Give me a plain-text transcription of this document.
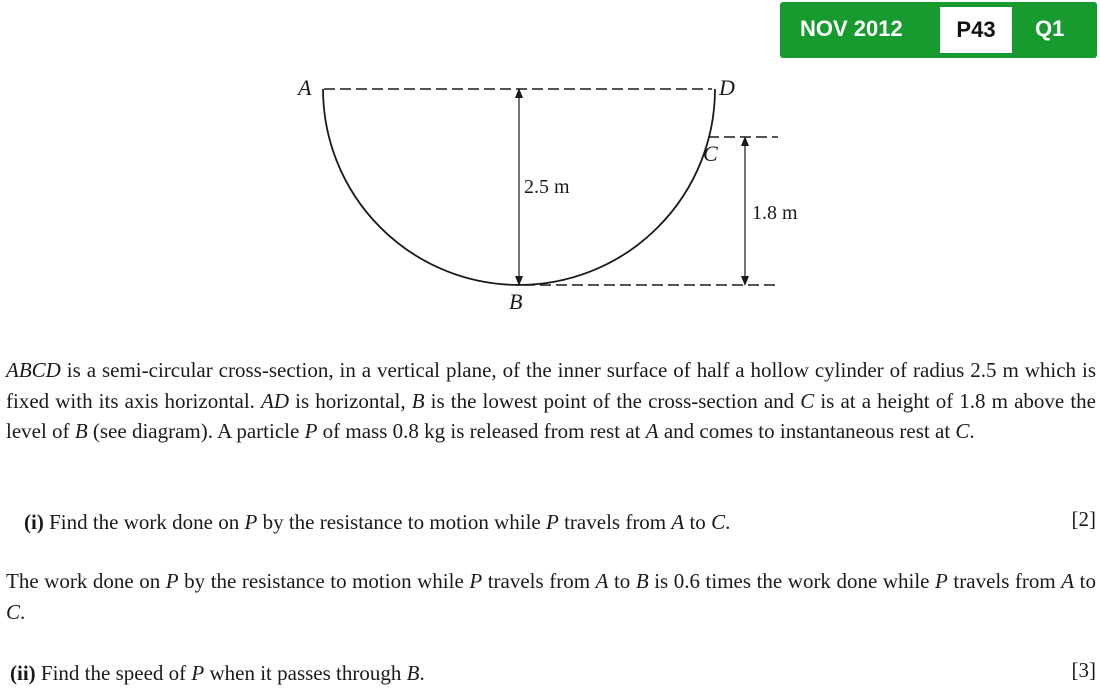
NOV 2012	P43	Q1
A	D
C
B
2.5 m
1.8 m

ABCD is a semi-circular cross-section, in a vertical plane, of the inner surface of half a hollow cylinder of radius 2.5 m which is fixed with its axis horizontal. AD is horizontal, B is the lowest point of the cross-section and C is at a height of 1.8 m above the level of B (see diagram). A particle P of mass 0.8 kg is released from rest at A and comes to instantaneous rest at C.

(i) Find the work done on P by the resistance to motion while P travels from A to C.	[2]

The work done on P by the resistance to motion while P travels from A to B is 0.6 times the work done while P travels from A to C.

(ii) Find the speed of P when it passes through B.	[3]
